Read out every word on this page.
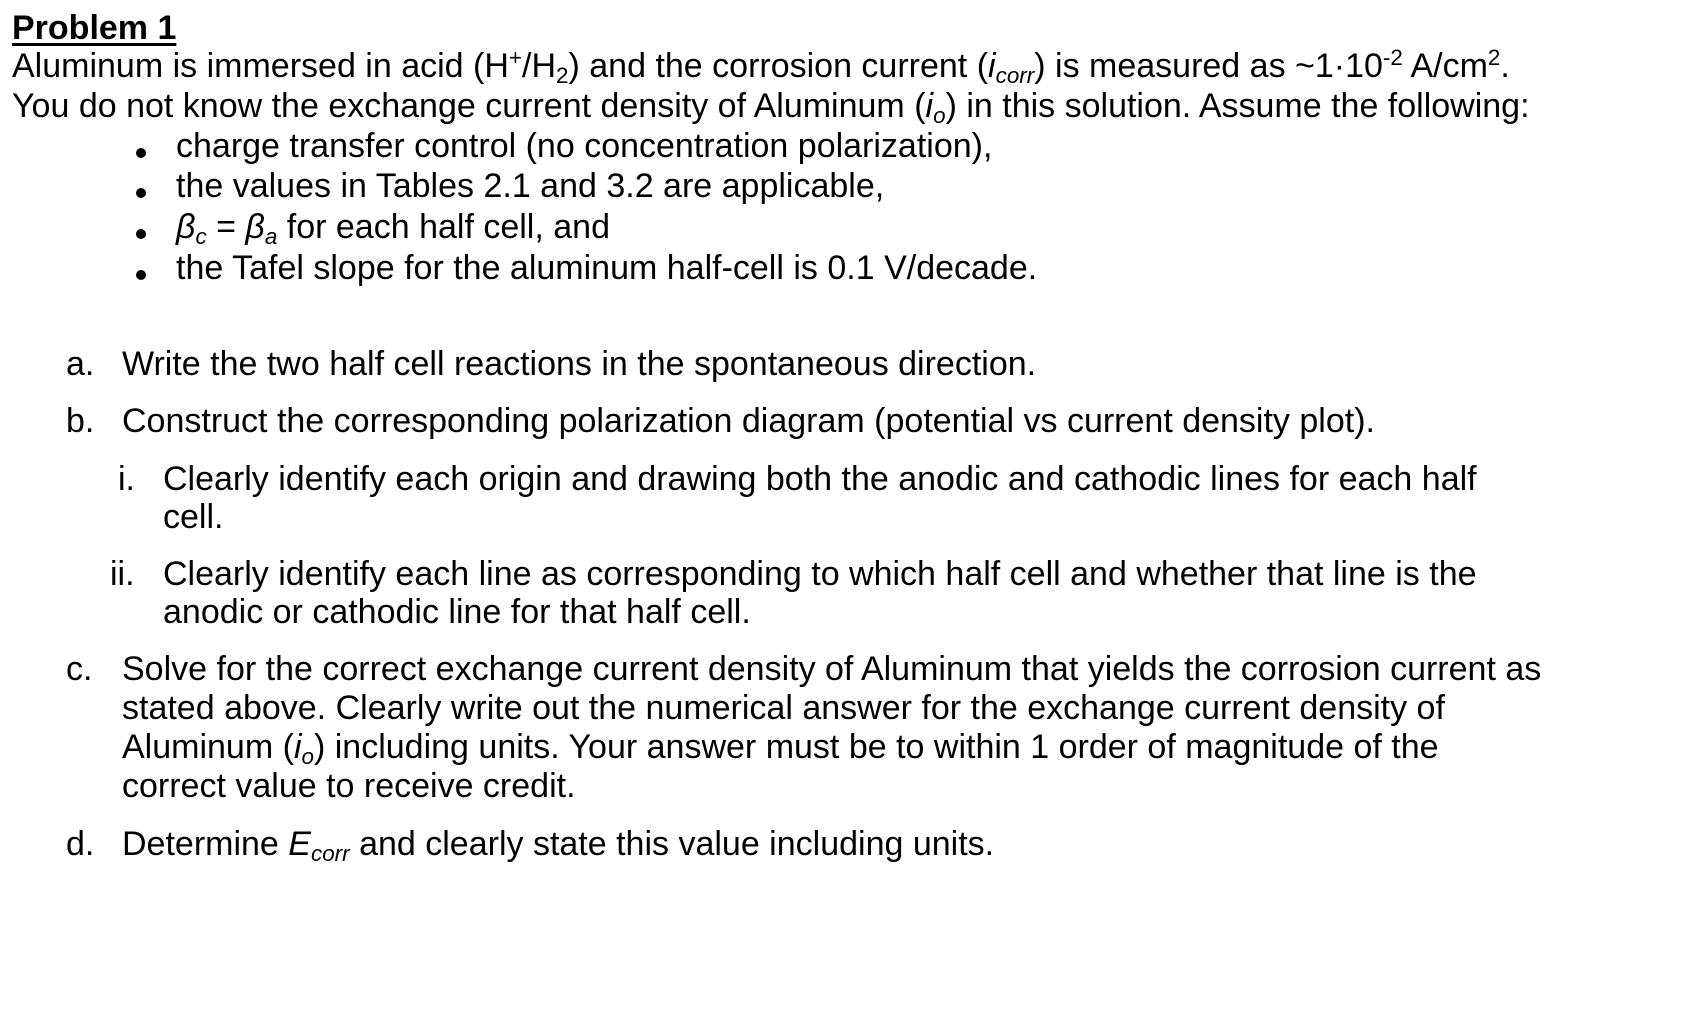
Problem 1
Aluminum is immersed in acid $(H^+/H_2)$ and the corrosion current $(i_{corr})$ is measured as $\sim 1\cdot 10^{-2}$ $A/cm^2$.
You do not know the exchange current density of Aluminum $(i_o)$ in this solution. Assume the following:
charge transfer control (no concentration polarization),
the values in Tables 2.1 and 3.2 are applicable,
$\beta_c = \beta_a$ for each half cell, and
the Tafel slope for the aluminum half-cell is 0.1 V/decade.
a. Write the two half cell reactions in the spontaneous direction.
b. Construct the corresponding polarization diagram (potential vs current density plot).
i. Clearly identify each origin and drawing both the anodic and cathodic lines for each half
cell.
ii. Clearly identify each line as corresponding to which half cell and whether that line is the
anodic or cathodic line for that half cell.
c. Solve for the correct exchange current density of Aluminum that yields the corrosion current as
stated above. Clearly write out the numerical answer for the exchange current density of
Aluminum $(i_o)$ including units. Your answer must be to within 1 order of magnitude of the
correct value to receive credit.
d. Determine $E_{corr}$ and clearly state this value including units.
